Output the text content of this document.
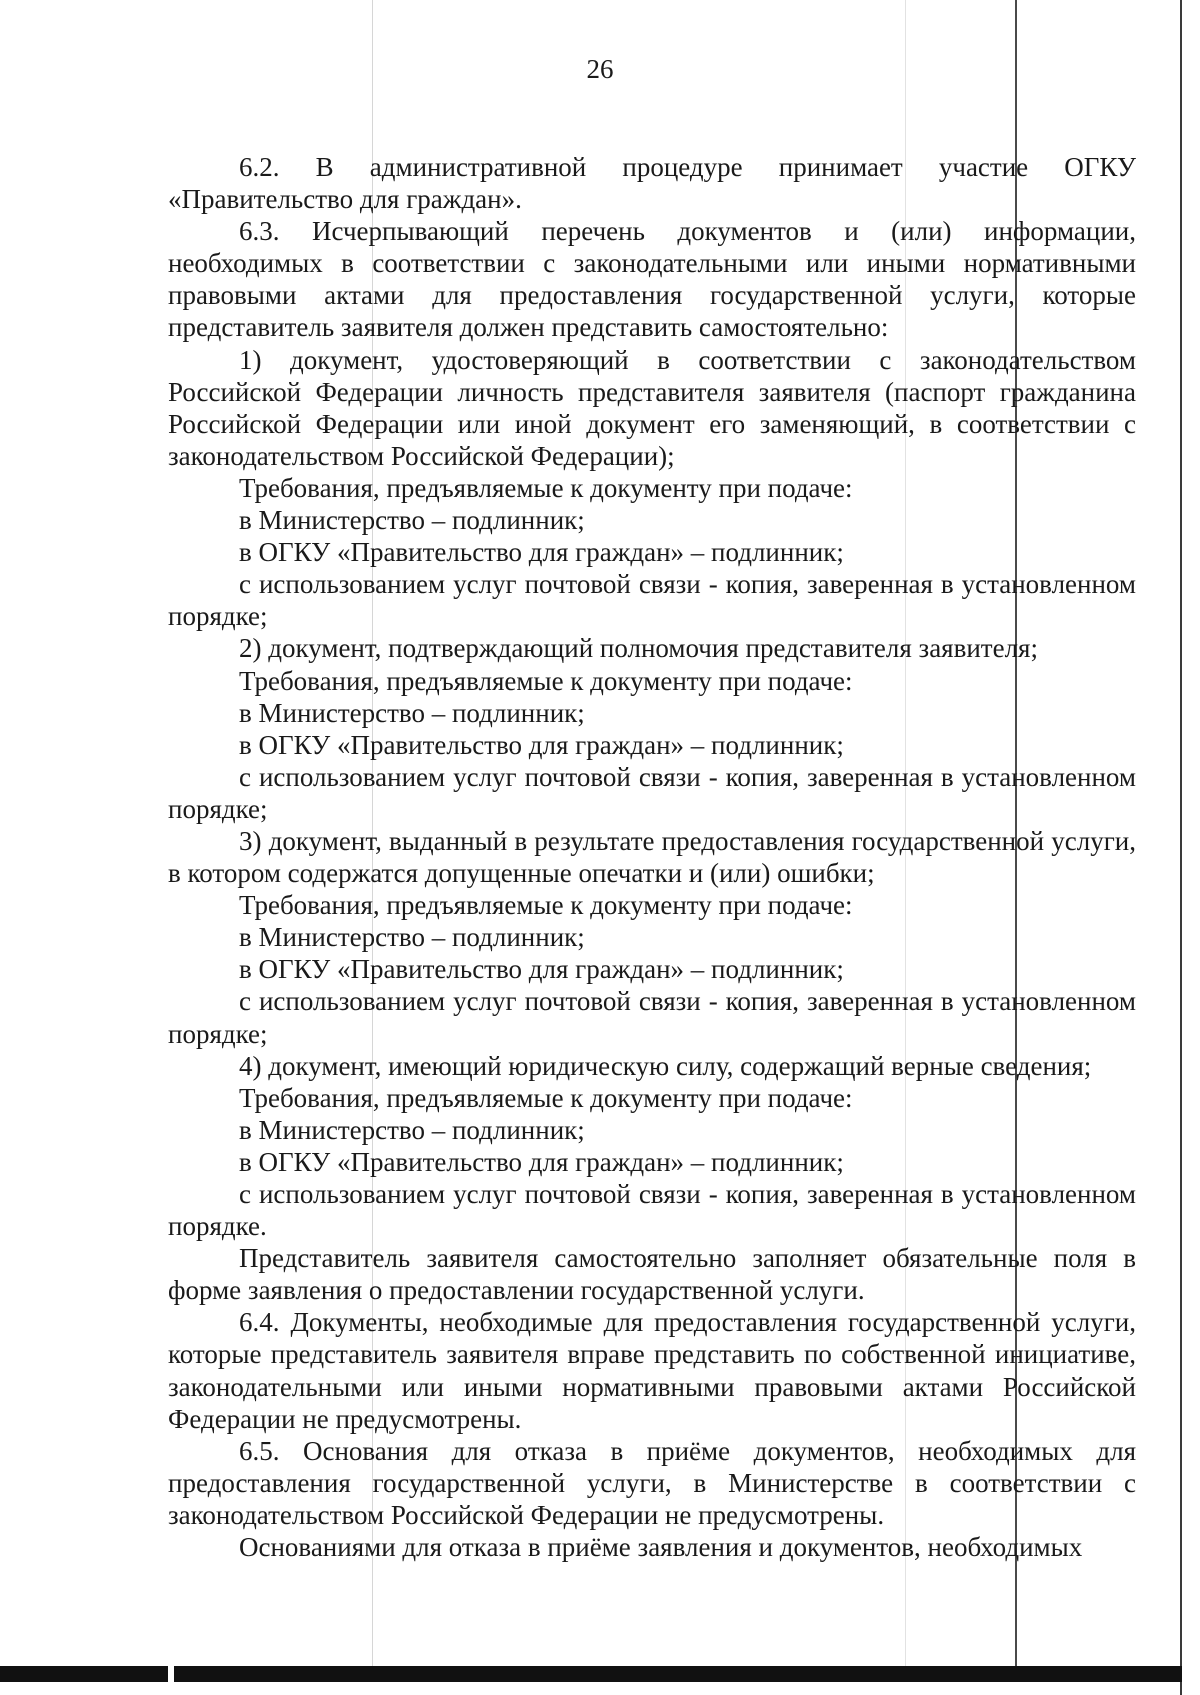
26

6.2. В административной процедуре принимает участие ОГКУ «Правительство для граждан».

6.3. Исчерпывающий перечень документов и (или) информации, необходимых в соответствии с законодательными или иными нормативными правовыми актами для предоставления государственной услуги, которые представитель заявителя должен представить самостоятельно:

1) документ, удостоверяющий в соответствии с законодательством Российской Федерации личность представителя заявителя (паспорт гражданина Российской Федерации или иной документ его заменяющий, в соответствии с законодательством Российской Федерации);

Требования, предъявляемые к документу при подаче:

в Министерство – подлинник;

в ОГКУ «Правительство для граждан» – подлинник;

с использованием услуг почтовой связи - копия, заверенная в установленном порядке;

2) документ, подтверждающий полномочия представителя заявителя;

Требования, предъявляемые к документу при подаче:

в Министерство – подлинник;

в ОГКУ «Правительство для граждан» – подлинник;

с использованием услуг почтовой связи - копия, заверенная в установленном порядке;

3) документ, выданный в результате предоставления государственной услуги, в котором содержатся допущенные опечатки и (или) ошибки;

Требования, предъявляемые к документу при подаче:

в Министерство – подлинник;

в ОГКУ «Правительство для граждан» – подлинник;

с использованием услуг почтовой связи - копия, заверенная в установленном порядке;

4) документ, имеющий юридическую силу, содержащий верные сведения;

Требования, предъявляемые к документу при подаче:

в Министерство – подлинник;

в ОГКУ «Правительство для граждан» – подлинник;

с использованием услуг почтовой связи - копия, заверенная в установленном порядке.

Представитель заявителя самостоятельно заполняет обязательные поля в форме заявления о предоставлении государственной услуги.

6.4. Документы, необходимые для предоставления государственной услуги, которые представитель заявителя вправе представить по собственной инициативе, законодательными или иными нормативными правовыми актами Российской Федерации не предусмотрены.

6.5. Основания для отказа в приёме документов, необходимых для предоставления государственной услуги, в Министерстве в соответствии с законодательством Российской Федерации не предусмотрены.

Основаниями для отказа в приёме заявления и документов, необходимых
